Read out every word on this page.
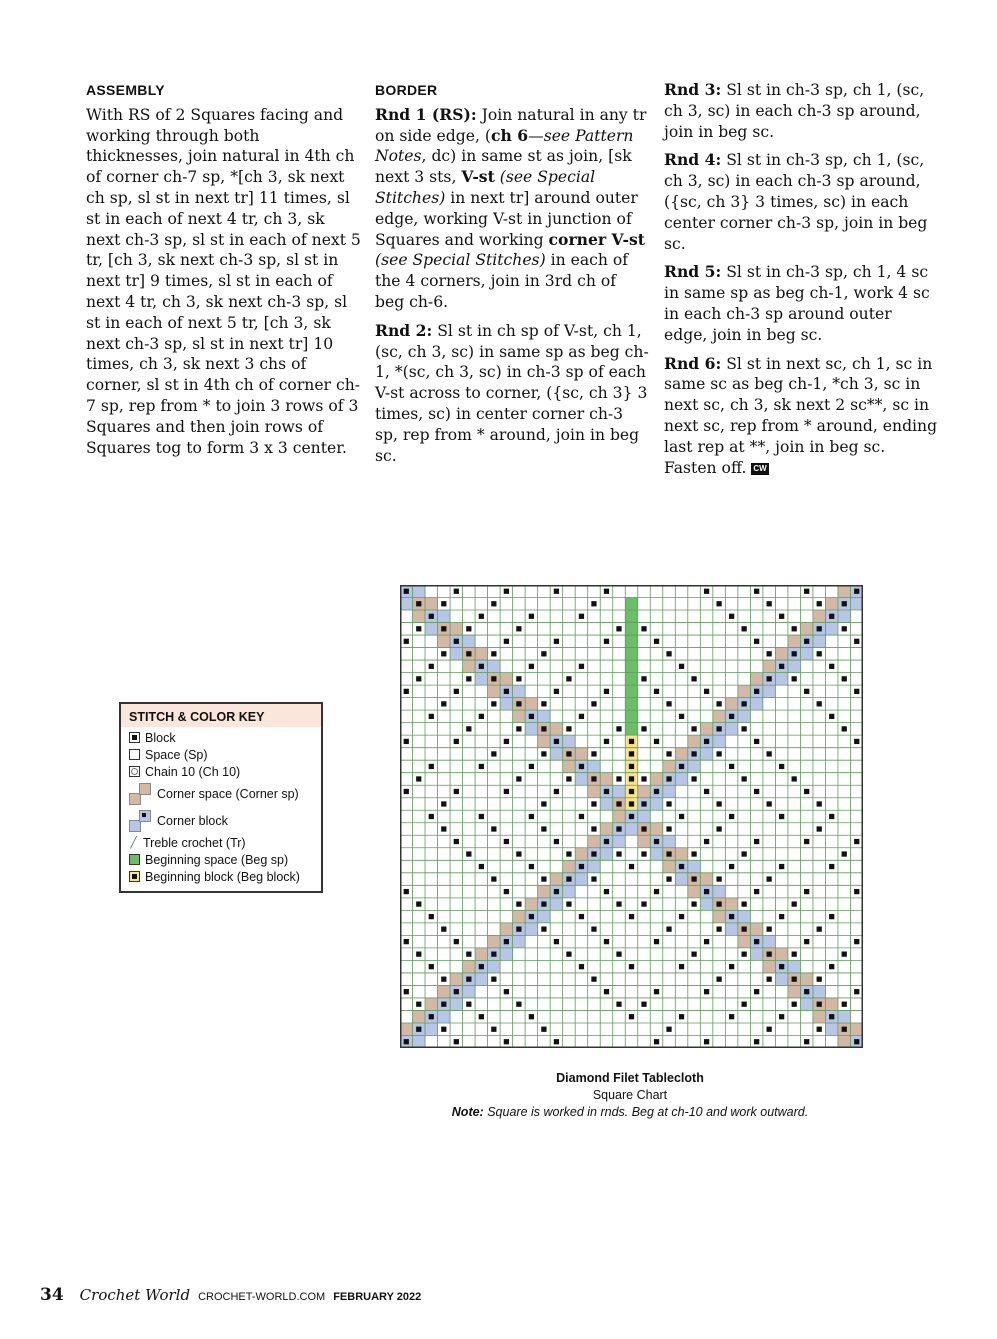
ASSEMBLY
With RS of 2 Squares facing and working through both thicknesses, join natural in 4th ch of corner ch-7 sp, *[ch 3, sk next ch sp, sl st in next tr] 11 times, sl st in each of next 4 tr, ch 3, sk next ch-3 sp, sl st in each of next 5 tr, [ch 3, sk next ch-3 sp, sl st in next tr] 9 times, sl st in each of next 4 tr, ch 3, sk next ch-3 sp, sl st in each of next 5 tr, [ch 3, sk next ch-3 sp, sl st in next tr] 10 times, ch 3, sk next 3 chs of corner, sl st in 4th ch of corner ch-7 sp, rep from * to join 3 rows of 3 Squares and then join rows of Squares tog to form 3 x 3 center.
BORDER
Rnd 1 (RS): Join natural in any tr on side edge, (ch 6—see Pattern Notes, dc) in same st as join, [sk next 3 sts, V-st (see Special Stitches) in next tr] around outer edge, working V-st in junction of Squares and working corner V-st (see Special Stitches) in each of the 4 corners, join in 3rd ch of beg ch-6.
Rnd 2: Sl st in ch sp of V-st, ch 1, (sc, ch 3, sc) in same sp as beg ch-1, *(sc, ch 3, sc) in ch-3 sp of each V-st across to corner, ({sc, ch 3} 3 times, sc) in center corner ch-3 sp, rep from * around, join in beg sc.
Rnd 3: Sl st in ch-3 sp, ch 1, (sc, ch 3, sc) in each ch-3 sp around, join in beg sc.
Rnd 4: Sl st in ch-3 sp, ch 1, (sc, ch 3, sc) in each ch-3 sp around, ({sc, ch 3} 3 times, sc) in each center corner ch-3 sp, join in beg sc.
Rnd 5: Sl st in ch-3 sp, ch 1, 4 sc in same sp as beg ch-1, work 4 sc in each ch-3 sp around outer edge, join in beg sc.
Rnd 6: Sl st in next sc, ch 1, sc in same sc as beg ch-1, *ch 3, sc in next sc, ch 3, sk next 2 sc**, sc in next sc, rep from * around, ending last rep at **, join in beg sc. Fasten off. CW
STITCH & COLOR KEY
Block
Space (Sp)
Chain 10 (Ch 10)
Corner space (Corner sp)
Corner block
╱ Treble crochet (Tr)
Beginning space (Beg sp)
Beginning block (Beg block)
Diamond Filet Tablecloth
Square Chart
Note: Square is worked in rnds. Beg at ch-10 and work outward.
34 Crochet World CROCHET-WORLD.COM FEBRUARY 2022
